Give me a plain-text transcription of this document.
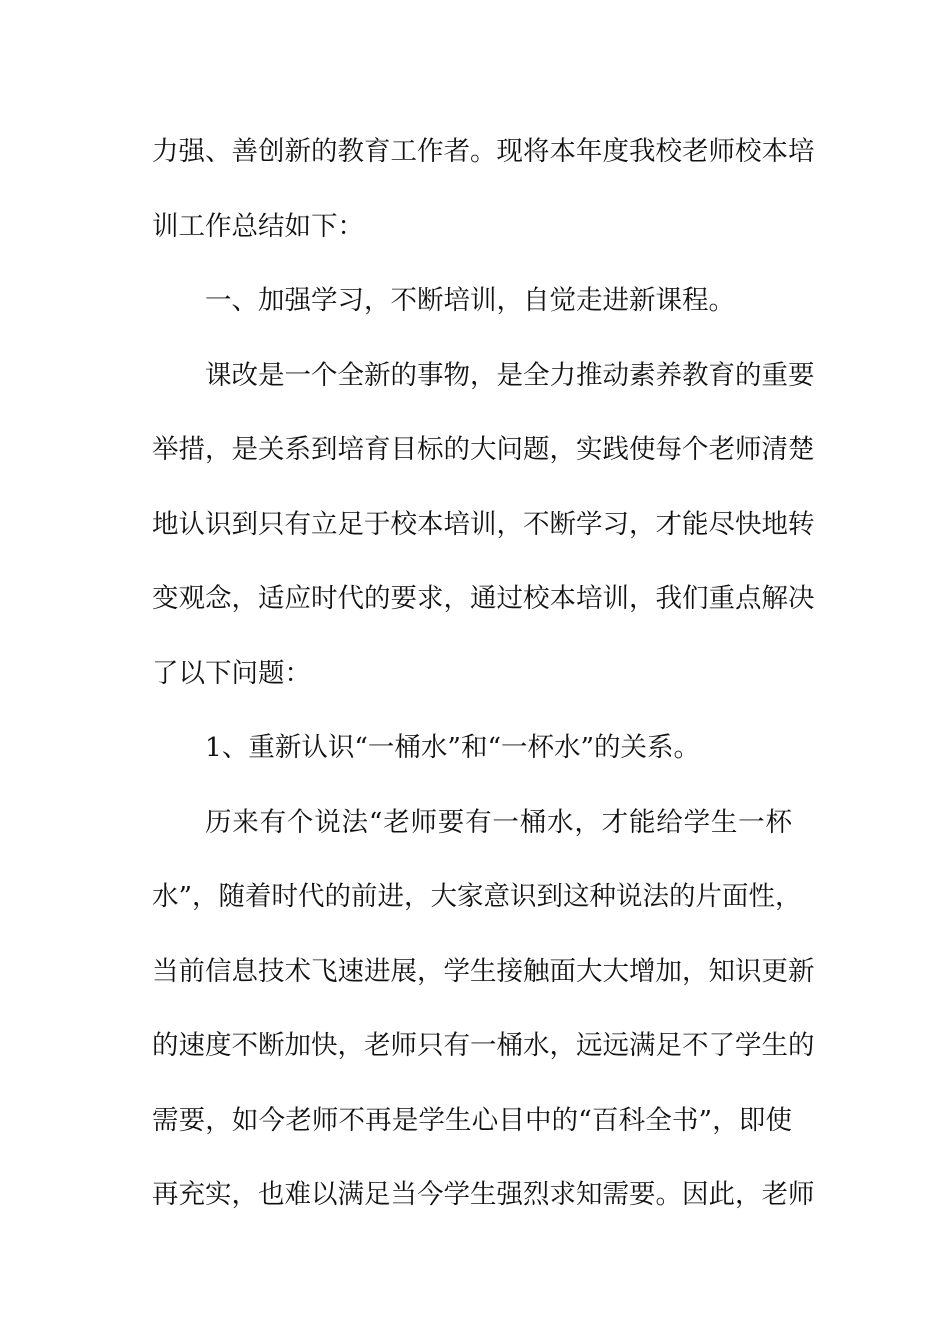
力强、善创新的教育工作者。现将本年度我校老师校本培
训工作总结如下：
一、加强学习，不断培训，自觉走进新课程。
课改是一个全新的事物，是全力推动素养教育的重要
举措，是关系到培育目标的大问题，实践使每个老师清楚
地认识到只有立足于校本培训，不断学习，才能尽快地转
变观念，适应时代的要求，通过校本培训，我们重点解决
了以下问题：
1、重新认识“一桶水”和“一杯水”的关系。
历来有个说法“老师要有一桶水，才能给学生一杯
水”，随着时代的前进，大家意识到这种说法的片面性，
当前信息技术飞速进展，学生接触面大大增加，知识更新
的速度不断加快，老师只有一桶水，远远满足不了学生的
需要，如今老师不再是学生心目中的“百科全书”，即使
再充实，也难以满足当今学生强烈求知需要。因此，老师
